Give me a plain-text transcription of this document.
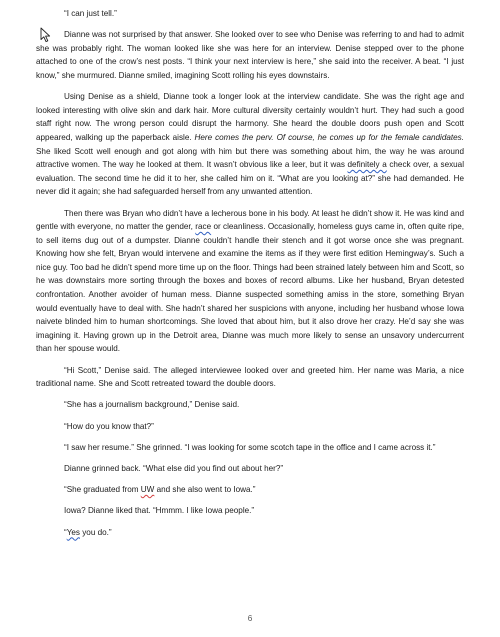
“I can just tell.”

Dianne was not surprised by that answer. She looked over to see who Denise was referring to and had to admit she was probably right. The woman looked like she was here for an interview. Denise stepped over to the phone attached to one of the crow’s nest posts. “I think your next interview is here,” she said into the receiver. A beat. “I just know,” she murmured. Dianne smiled, imagining Scott rolling his eyes downstairs.

Using Denise as a shield, Dianne took a longer look at the interview candidate. She was the right age and looked interesting with olive skin and dark hair. More cultural diversity certainly wouldn’t hurt. They had such a good staff right now. The wrong person could disrupt the harmony. She heard the double doors push open and Scott appeared, walking up the paperback aisle. Here comes the perv. Of course, he comes up for the female candidates. She liked Scott well enough and got along with him but there was something about him, the way he was around attractive women. The way he looked at them. It wasn’t obvious like a leer, but it was definitely a check over, a sexual evaluation. The second time he did it to her, she called him on it. “What are you looking at?” she had demanded. He never did it again; she had safeguarded herself from any unwanted attention.

Then there was Bryan who didn’t have a lecherous bone in his body. At least he didn’t show it. He was kind and gentle with everyone, no matter the gender, race or cleanliness. Occasionally, homeless guys came in, often quite ripe, to sell items dug out of a dumpster. Dianne couldn’t handle their stench and it got worse once she was pregnant. Knowing how she felt, Bryan would intervene and examine the items as if they were first edition Hemingway’s. Such a nice guy. Too bad he didn’t spend more time up on the floor. Things had been strained lately between him and Scott, so he was downstairs more sorting through the boxes and boxes of record albums. Like her husband, Bryan detested confrontation. Another avoider of human mess. Dianne suspected something amiss in the store, something Bryan would eventually have to deal with. She hadn’t shared her suspicions with anyone, including her husband whose Iowa naivete blinded him to human shortcomings. She loved that about him, but it also drove her crazy. He’d say she was imagining it. Having grown up in the Detroit area, Dianne was much more likely to sense an unsavory undercurrent than her spouse would.

“Hi Scott,” Denise said. The alleged interviewee looked over and greeted him. Her name was Maria, a nice traditional name. She and Scott retreated toward the double doors.

“She has a journalism background,” Denise said.

“How do you know that?”

“I saw her resume.” She grinned. “I was looking for some scotch tape in the office and I came across it.”

Dianne grinned back. “What else did you find out about her?”

“She graduated from UW and she also went to Iowa.”

Iowa? Dianne liked that. “Hmmm. I like Iowa people.”

“Yes you do.”

6
